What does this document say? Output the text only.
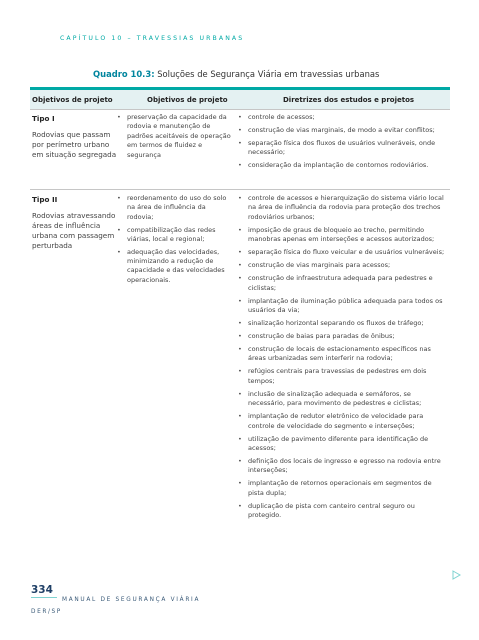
CAPÍTULO 10 – TRAVESSIAS URBANAS
Quadro 10.3: Soluções de Segurança Viária em travessias urbanas
Objetivos de projeto	Objetivos de projeto	Diretrizes dos estudos e projetos
Tipo I
Rodovias que passam por perímetro urbano em situação segregada
• preservação da capacidade da rodovia e manutenção de padrões aceitáveis de operação em termos de fluidez e segurança
• controle de acessos;
• construção de vias marginais, de modo a evitar conflitos;
• separação física dos fluxos de usuários vulneráveis, onde necessário;
• consideração da implantação de contornos rodoviários.
Tipo II
Rodovias atravessando áreas de influência urbana com passagem perturbada
• reordenamento do uso do solo na área de influência da rodovia;
• compatibilização das redes viárias, local e regional;
• adequação das velocidades, minimizando a redução de capacidade e das velocidades operacionais.
• controle de acessos e hierarquização do sistema viário local na área de influência da rodovia para proteção dos trechos rodoviários urbanos;
• imposição de graus de bloqueio ao trecho, permitindo manobras apenas em interseções e acessos autorizados;
• separação física do fluxo veicular e de usuários vulneráveis;
• construção de vias marginais para acessos;
• construção de infraestrutura adequada para pedestres e ciclistas;
• implantação de iluminação pública adequada para todos os usuários da via;
• sinalização horizontal separando os fluxos de tráfego;
• construção de baias para paradas de ônibus;
• construção de locais de estacionamento específicos nas áreas urbanizadas sem interferir na rodovia;
• refúgios centrais para travessias de pedestres em dois tempos;
• inclusão de sinalização adequada e semáforos, se necessário, para movimento de pedestres e ciclistas;
• implantação de redutor eletrônico de velocidade para controle de velocidade do segmento e interseções;
• utilização de pavimento diferente para identificação de acessos;
• definição dos locais de ingresso e egresso na rodovia entre interseções;
• implantação de retornos operacionais em segmentos de pista dupla;
• duplicação de pista com canteiro central seguro ou protegido.
334
MANUAL DE SEGURANÇA VIÁRIA
DER/SP
